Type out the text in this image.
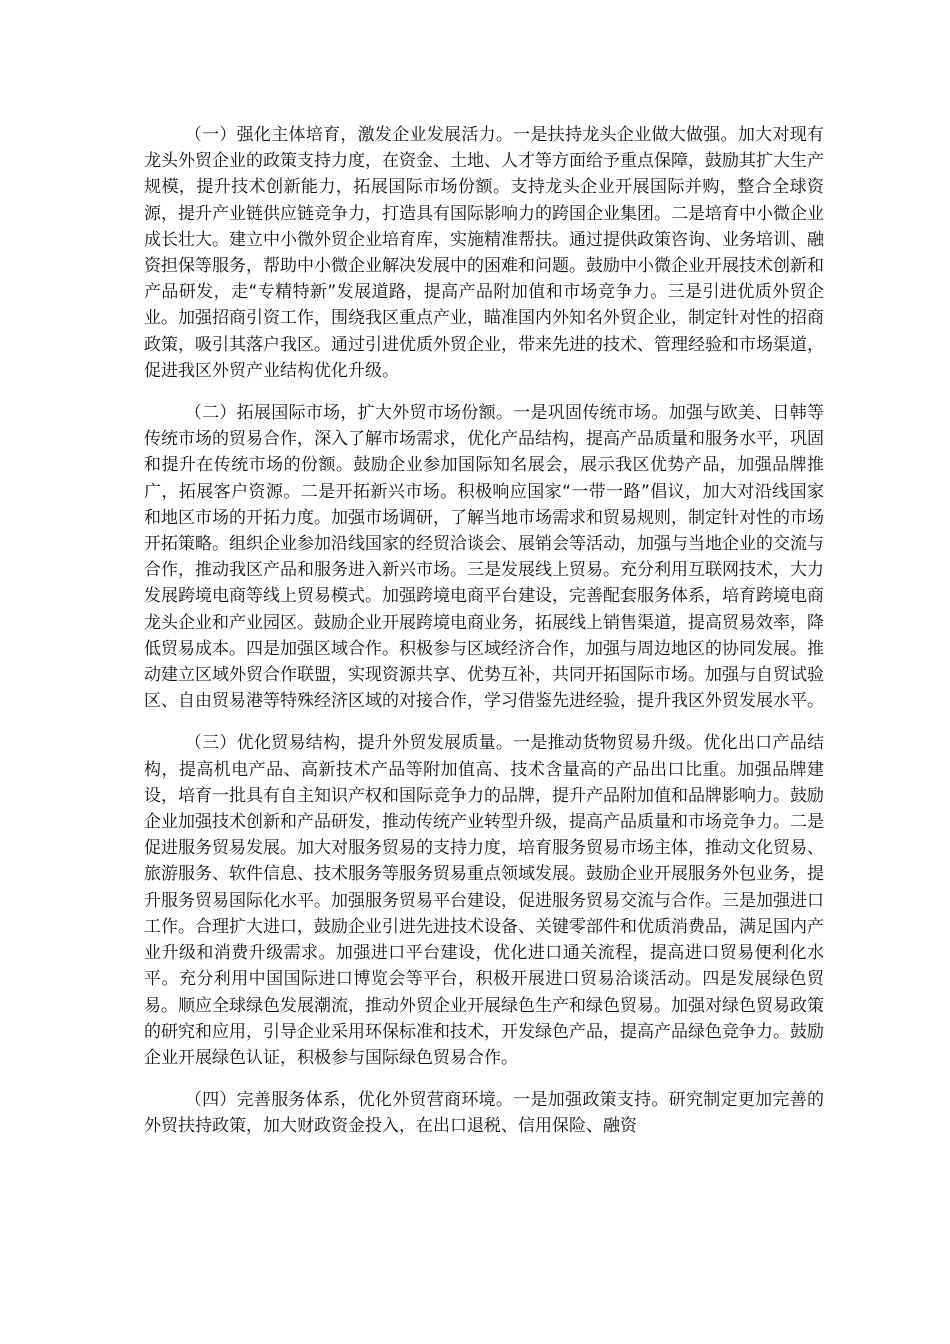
（一）强化主体培育，激发企业发展活力。一是扶持龙头企业做大做强。加大对现有龙头外贸企业的政策支持力度，在资金、土地、人才等方面给予重点保障，鼓励其扩大生产规模，提升技术创新能力，拓展国际市场份额。支持龙头企业开展国际并购，整合全球资源，提升产业链供应链竞争力，打造具有国际影响力的跨国企业集团。二是培育中小微企业成长壮大。建立中小微外贸企业培育库，实施精准帮扶。通过提供政策咨询、业务培训、融资担保等服务，帮助中小微企业解决发展中的困难和问题。鼓励中小微企业开展技术创新和产品研发，走“专精特新”发展道路，提高产品附加值和市场竞争力。三是引进优质外贸企业。加强招商引资工作，围绕我区重点产业，瞄准国内外知名外贸企业，制定针对性的招商政策，吸引其落户我区。通过引进优质外贸企业，带来先进的技术、管理经验和市场渠道，促进我区外贸产业结构优化升级。

（二）拓展国际市场，扩大外贸市场份额。一是巩固传统市场。加强与欧美、日韩等传统市场的贸易合作，深入了解市场需求，优化产品结构，提高产品质量和服务水平，巩固和提升在传统市场的份额。鼓励企业参加国际知名展会，展示我区优势产品，加强品牌推广，拓展客户资源。二是开拓新兴市场。积极响应国家“一带一路”倡议，加大对沿线国家和地区市场的开拓力度。加强市场调研，了解当地市场需求和贸易规则，制定针对性的市场开拓策略。组织企业参加沿线国家的经贸洽谈会、展销会等活动，加强与当地企业的交流与合作，推动我区产品和服务进入新兴市场。三是发展线上贸易。充分利用互联网技术，大力发展跨境电商等线上贸易模式。加强跨境电商平台建设，完善配套服务体系，培育跨境电商龙头企业和产业园区。鼓励企业开展跨境电商业务，拓展线上销售渠道，提高贸易效率，降低贸易成本。四是加强区域合作。积极参与区域经济合作，加强与周边地区的协同发展。推动建立区域外贸合作联盟，实现资源共享、优势互补，共同开拓国际市场。加强与自贸试验区、自由贸易港等特殊经济区域的对接合作，学习借鉴先进经验，提升我区外贸发展水平。

（三）优化贸易结构，提升外贸发展质量。一是推动货物贸易升级。优化出口产品结构，提高机电产品、高新技术产品等附加值高、技术含量高的产品出口比重。加强品牌建设，培育一批具有自主知识产权和国际竞争力的品牌，提升产品附加值和品牌影响力。鼓励企业加强技术创新和产品研发，推动传统产业转型升级，提高产品质量和市场竞争力。二是促进服务贸易发展。加大对服务贸易的支持力度，培育服务贸易市场主体，推动文化贸易、旅游服务、软件信息、技术服务等服务贸易重点领域发展。鼓励企业开展服务外包业务，提升服务贸易国际化水平。加强服务贸易平台建设，促进服务贸易交流与合作。三是加强进口工作。合理扩大进口，鼓励企业引进先进技术设备、关键零部件和优质消费品，满足国内产业升级和消费升级需求。加强进口平台建设，优化进口通关流程，提高进口贸易便利化水平。充分利用中国国际进口博览会等平台，积极开展进口贸易洽谈活动。四是发展绿色贸易。顺应全球绿色发展潮流，推动外贸企业开展绿色生产和绿色贸易。加强对绿色贸易政策的研究和应用，引导企业采用环保标准和技术，开发绿色产品，提高产品绿色竞争力。鼓励企业开展绿色认证，积极参与国际绿色贸易合作。

（四）完善服务体系，优化外贸营商环境。一是加强政策支持。研究制定更加完善的外贸扶持政策，加大财政资金投入，在出口退税、信用保险、融资
